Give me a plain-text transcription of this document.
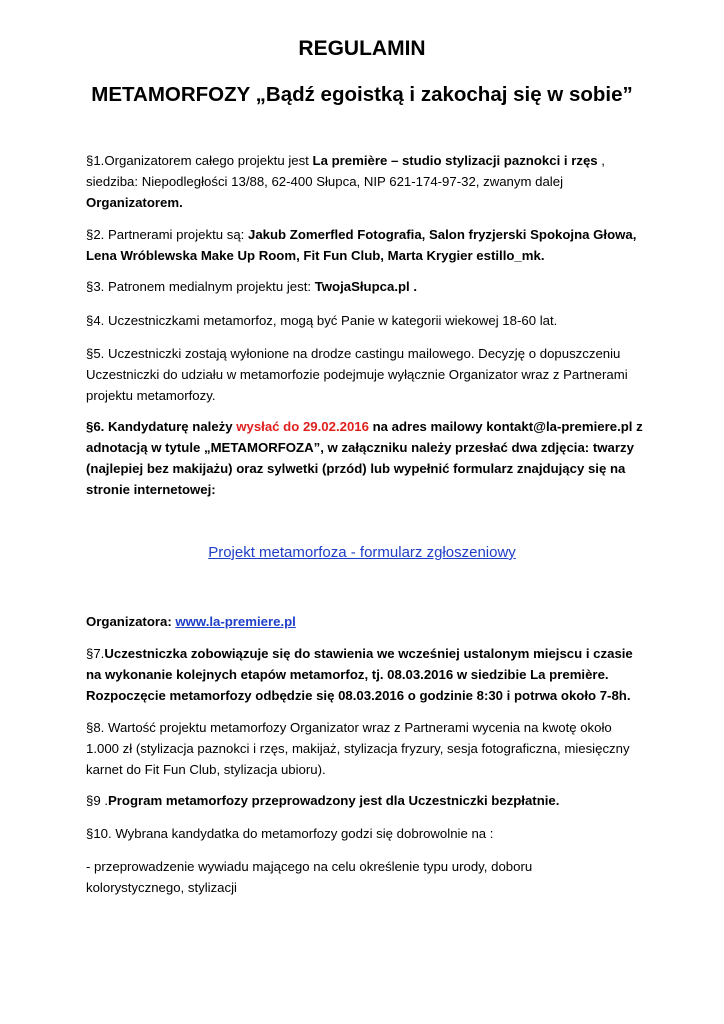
REGULAMIN
METAMORFOZY „Bądź egoistką i zakochaj się w sobie”

§1.Organizatorem całego projektu jest La première – studio stylizacji paznokci i rzęs , siedziba: Niepodległości 13/88, 62-400 Słupca, NIP 621-174-97-32, zwanym dalej Organizatorem.

§2. Partnerami projektu są: Jakub Zomerfled Fotografia, Salon fryzjerski Spokojna Głowa, Lena Wróblewska Make Up Room, Fit Fun Club, Marta Krygier estillo_mk.

§3. Patronem medialnym projektu jest: TwojaSłupca.pl .

§4. Uczestniczkami metamorfoz, mogą być Panie w kategorii wiekowej 18-60 lat.

§5. Uczestniczki zostają wyłonione na drodze castingu mailowego. Decyzję o dopuszczeniu Uczestniczki do udziału w metamorfozie podejmuje wyłącznie Organizator wraz z Partnerami projektu metamorfozy.

§6. Kandydaturę należy wysłać do 29.02.2016 na adres mailowy kontakt@la-premiere.pl z adnotacją w tytule „METAMORFOZA”, w załączniku należy przesłać dwa zdjęcia: twarzy (najlepiej bez makijażu) oraz sylwetki (przód) lub wypełnić formularz znajdujący się na stronie internetowej:

Projekt metamorfoza - formularz zgłoszeniowy

Organizatora: www.la-premiere.pl

§7.Uczestniczka zobowiązuje się do stawienia we wcześniej ustalonym miejscu i czasie na wykonanie kolejnych etapów metamorfoz, tj. 08.03.2016 w siedzibie La première. Rozpoczęcie metamorfozy odbędzie się 08.03.2016 o godzinie 8:30 i potrwa około 7-8h.

§8. Wartość projektu metamorfozy Organizator wraz z Partnerami wycenia na kwotę około 1.000 zł (stylizacja paznokci i rzęs, makijaż, stylizacja fryzury, sesja fotograficzna, miesięczny karnet do Fit Fun Club, stylizacja ubioru).

§9 .Program metamorfozy przeprowadzony jest dla Uczestniczki bezpłatnie.

§10. Wybrana kandydatka do metamorfozy godzi się dobrowolnie na :

- przeprowadzenie wywiadu mającego na celu określenie typu urody, doboru kolorystycznego, stylizacji
